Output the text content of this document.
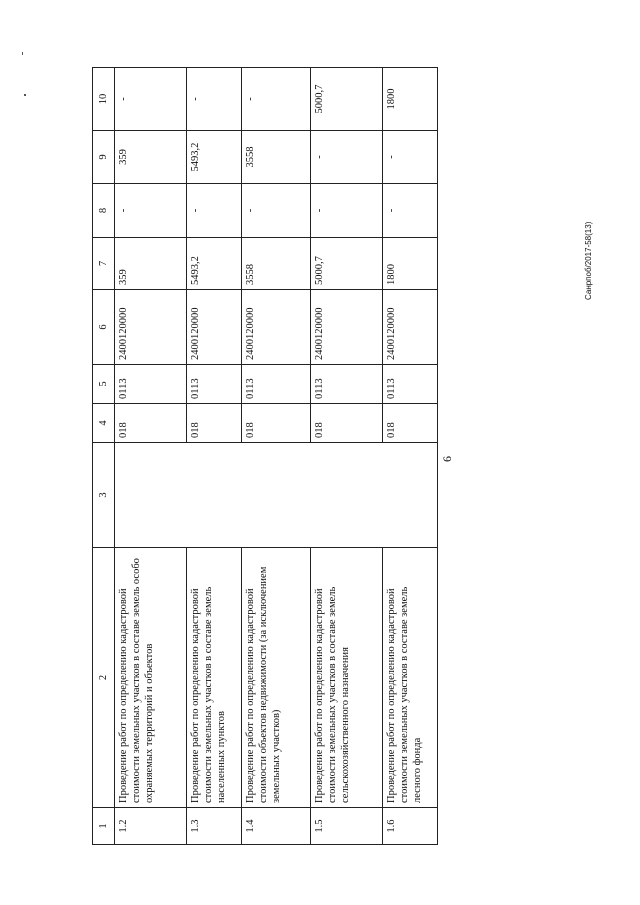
6
Санрпоб/2017-58(13)
1	2	3	4	5	6	7	8	9	10
1.2	Проведение работ по определению кадастровой стоимости земельных участков в составе земель особо охраняемых территорий и объектов		018	0113	2400120000	359	-	359	-
1.3	Проведение работ по определению кадастровой стоимости земельных участков в составе земель населенных пунктов		018	0113	2400120000	5493,2	-	5493,2	-
1.4	Проведение работ по определению кадастровой стоимости объектов недвижимости (за исключением земельных участков)		018	0113	2400120000	3558	-	3558	-
1.5	Проведение работ по определению кадастровой стоимости земельных участков в составе земель сельскохозяйственного назначения		018	0113	2400120000	5000,7	-	-	5000,7
1.6	Проведение работ по определению кадастровой стоимости земельных участков в составе земель лесного фонда		018	0113	2400120000	1800	-	-	1800
